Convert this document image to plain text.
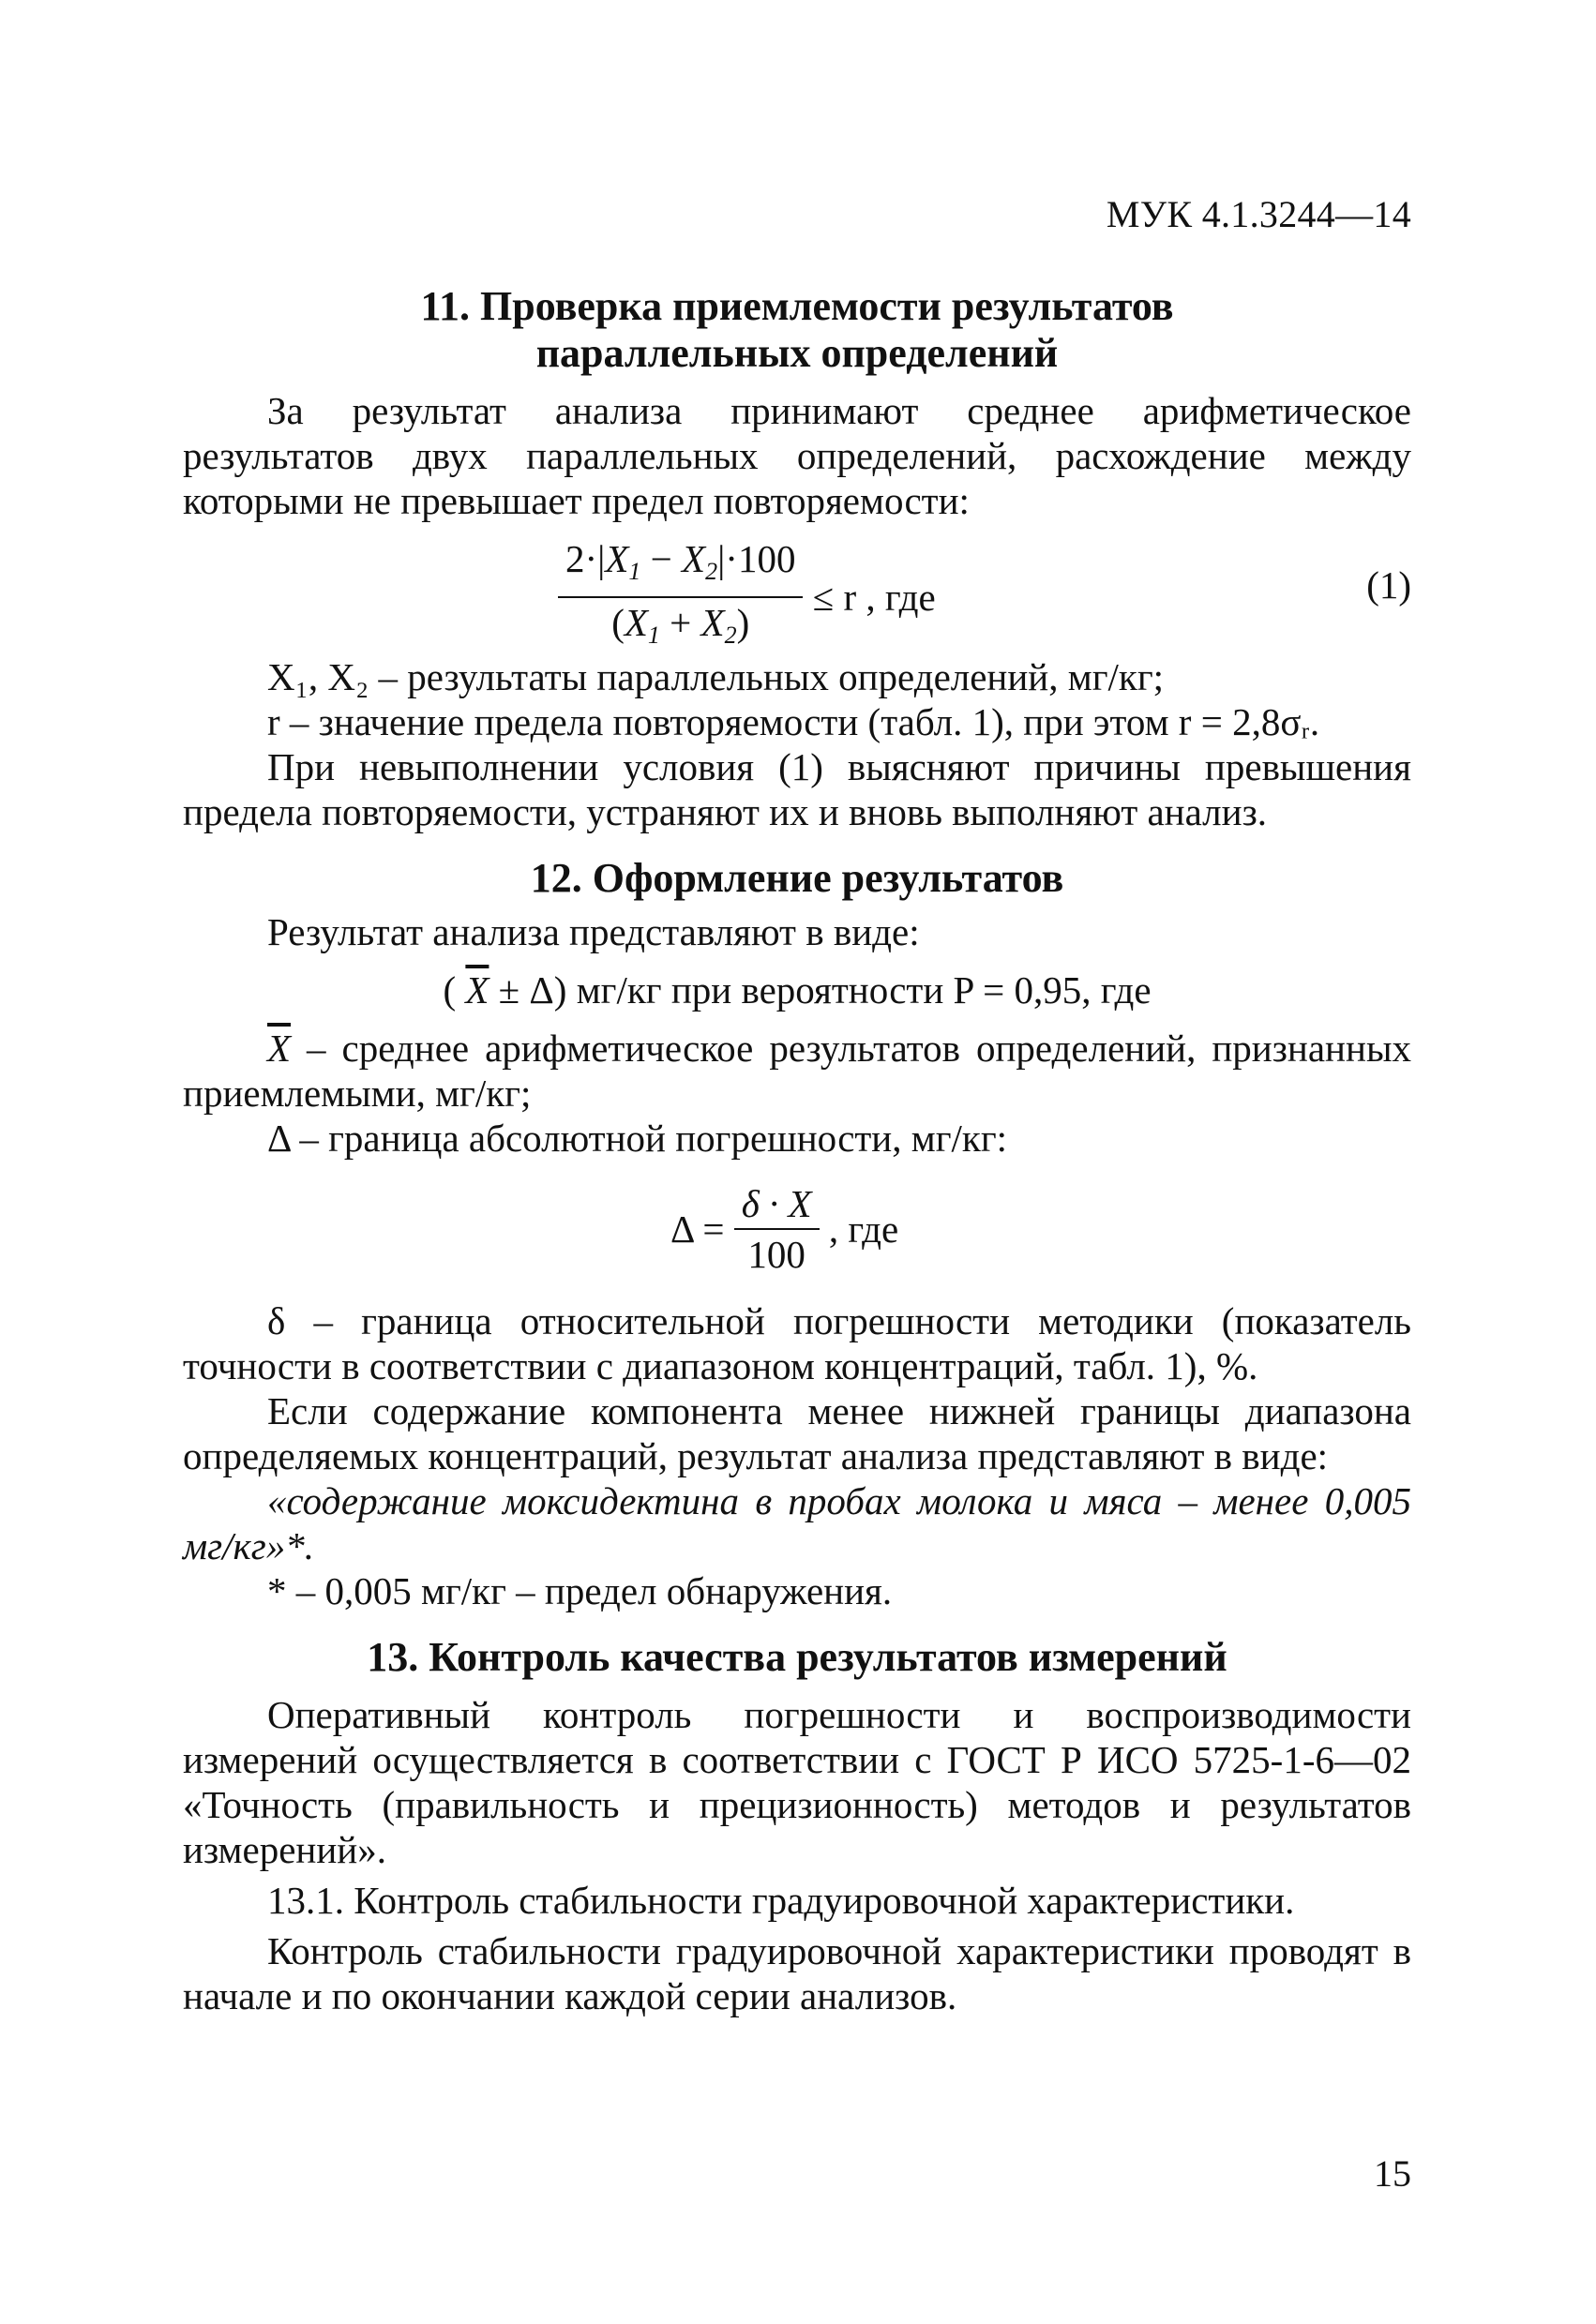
МУК 4.1.3244—14
11. Проверка приемлемости результатов
параллельных определений

За результат анализа принимают среднее арифметическое результатов двух параллельных определений, расхождение между которыми не превышает предел повторяемости:

$\frac{2\cdot|X_1 - X_2|\cdot 100}{(X_1 + X_2)} \le r$ , где	(1)

X₁, X₂ – результаты параллельных определений, мг/кг;

r – значение предела повторяемости (табл. 1), при этом r = 2,8σᵣ.

При невыполнении условия (1) выясняют причины превышения предела повторяемости, устраняют их и вновь выполняют анализ.

12. Оформление результатов

Результат анализа представляют в виде:

( $\overline{X} \pm \Delta$) мг/кг при вероятности P = 0,95, где

$\overline{X}$ – среднее арифметическое результатов определений, признанных приемлемыми, мг/кг;

Δ – граница абсолютной погрешности, мг/кг:

$\Delta = \frac{\delta \cdot X}{100}$ , где

δ – граница относительной погрешности методики (показатель точности в соответствии с диапазоном концентраций, табл. 1), %.

Если содержание компонента менее нижней границы диапазона определяемых концентраций, результат анализа представляют в виде:

«содержание моксидектина в пробах молока и мяса – менее 0,005 мг/кг»*.

* – 0,005 мг/кг – предел обнаружения.

13. Контроль качества результатов измерений

Оперативный контроль погрешности и воспроизводимости измерений осуществляется в соответствии с ГОСТ Р ИСО 5725-1-6—02 «Точность (правильность и прецизионность) методов и результатов измерений».

13.1. Контроль стабильности градуировочной характеристики.

Контроль стабильности градуировочной характеристики проводят в начале и по окончании каждой серии анализов.

15
